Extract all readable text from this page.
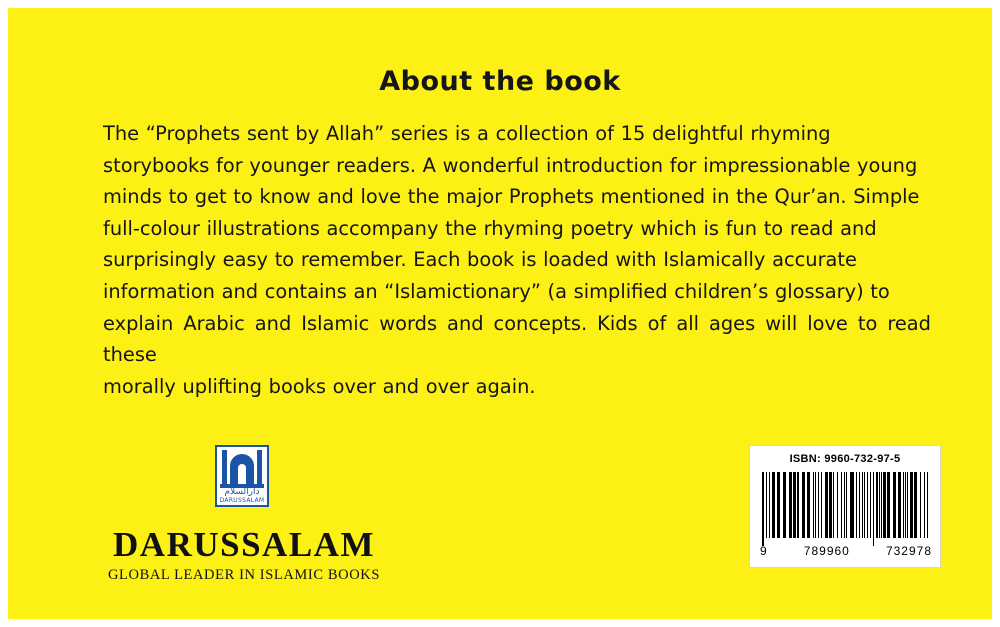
About the book
The “Prophets sent by Allah” series is a collection of 15 delightful rhyming
storybooks for younger readers. A wonderful introduction for impressionable young
minds to get to know and love the major Prophets mentioned in the Qur’an. Simple
full-colour illustrations accompany the rhyming poetry which is fun to read and
surprisingly easy to remember. Each book is loaded with Islamically accurate
information and contains an “Islamictionary” (a simplified children’s glossary) to
explain Arabic and Islamic words and concepts. Kids of all ages will love to read these
morally uplifting books over and over again.
دارالسلام
DARUSSALAM
DARUSSALAM
GLOBAL LEADER IN ISLAMIC BOOKS
ISBN: 9960-732-97-5
9	789960	732978
